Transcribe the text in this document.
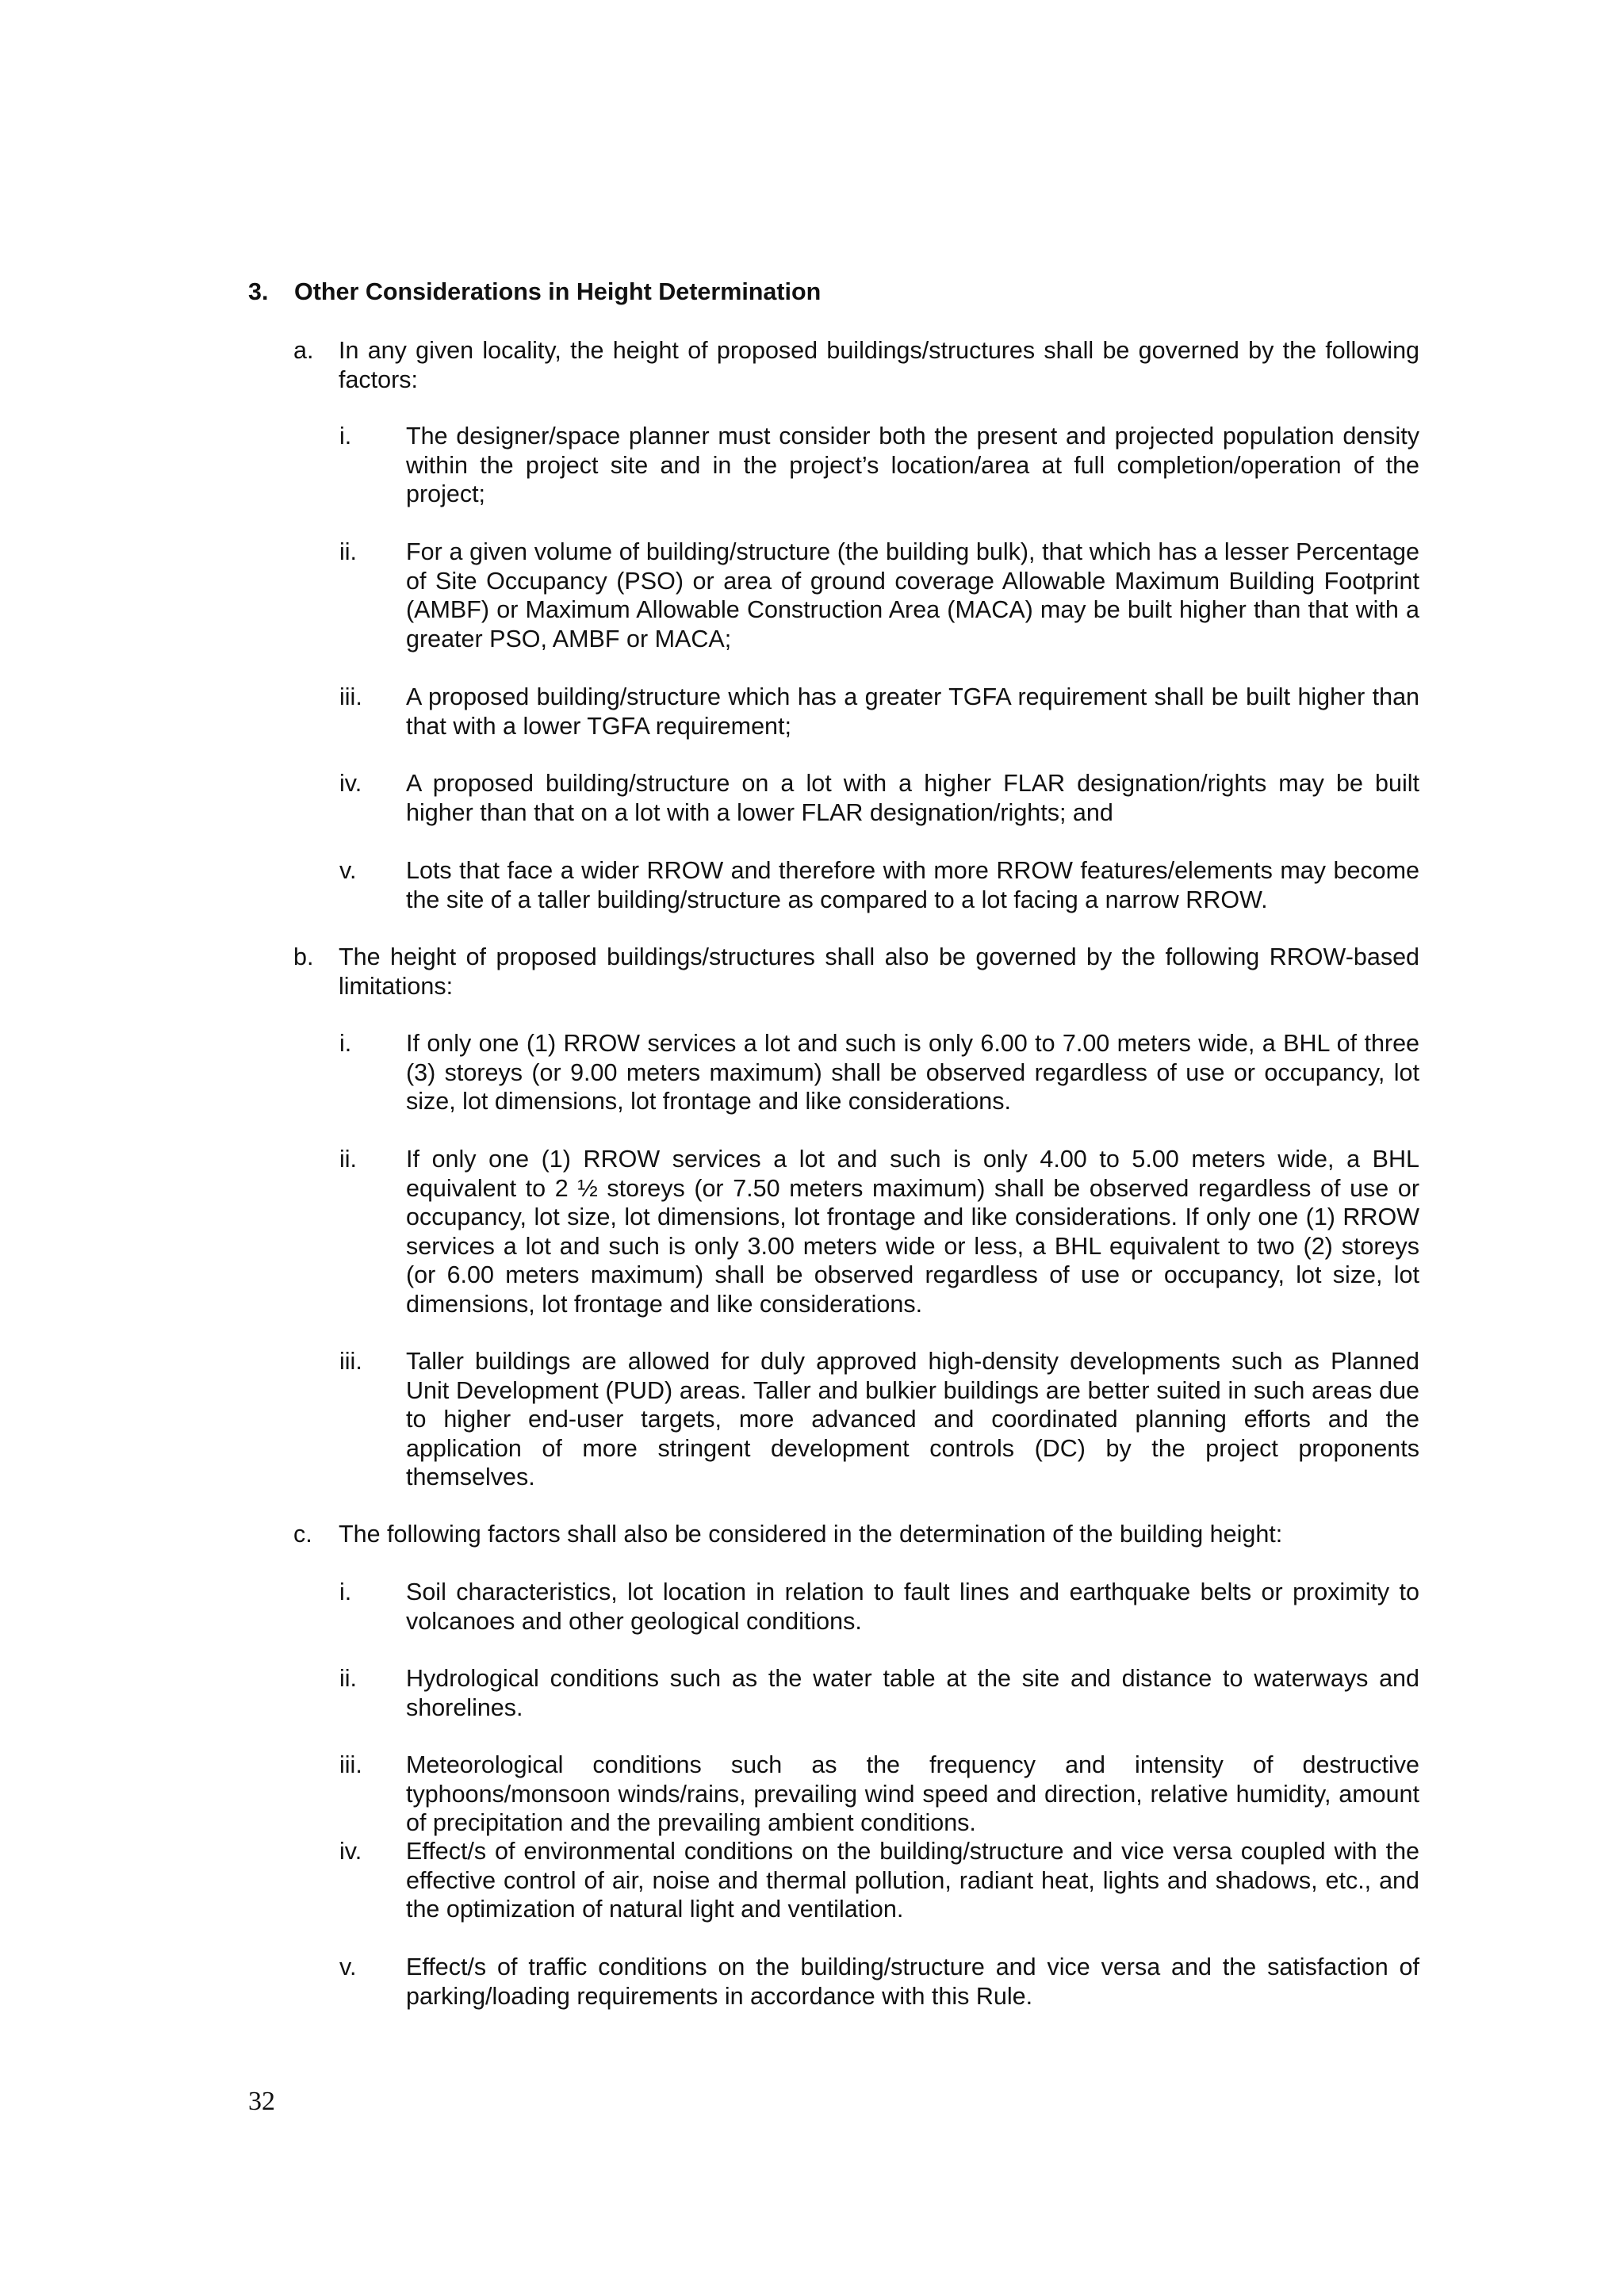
3. Other Considerations in Height Determination
a. In any given locality, the height of proposed buildings/structures shall be governed by the following factors:
i. The designer/space planner must consider both the present and projected population density within the project site and in the project’s location/area at full completion/operation of the project;
ii. For a given volume of building/structure (the building bulk), that which has a lesser Percentage of Site Occupancy (PSO) or area of ground coverage Allowable Maximum Building Footprint (AMBF) or Maximum Allowable Construction Area (MACA) may be built higher than that with a greater PSO, AMBF or MACA;
iii. A proposed building/structure which has a greater TGFA requirement shall be built higher than that with a lower TGFA requirement;
iv. A proposed building/structure on a lot with a higher FLAR designation/rights may be built higher than that on a lot with a lower FLAR designation/rights; and
v. Lots that face a wider RROW and therefore with more RROW features/elements may become the site of a taller building/structure as compared to a lot facing a narrow RROW.
b. The height of proposed buildings/structures shall also be governed by the following RROW-based limitations:
i. If only one (1) RROW services a lot and such is only 6.00 to 7.00 meters wide, a BHL of three (3) storeys (or 9.00 meters maximum) shall be observed regardless of use or occupancy, lot size, lot dimensions, lot frontage and like considerations.
ii. If only one (1) RROW services a lot and such is only 4.00 to 5.00 meters wide, a BHL equivalent to 2 ½ storeys (or 7.50 meters maximum) shall be observed regardless of use or occupancy, lot size, lot dimensions, lot frontage and like considerations. If only one (1) RROW services a lot and such is only 3.00 meters wide or less, a BHL equivalent to two (2) storeys (or 6.00 meters maximum) shall be observed regardless of use or occupancy, lot size, lot dimensions, lot frontage and like considerations.
iii. Taller buildings are allowed for duly approved high-density developments such as Planned Unit Development (PUD) areas. Taller and bulkier buildings are better suited in such areas due to higher end-user targets, more advanced and coordinated planning efforts and the application of more stringent development controls (DC) by the project proponents themselves.
c. The following factors shall also be considered in the determination of the building height:
i. Soil characteristics, lot location in relation to fault lines and earthquake belts or proximity to volcanoes and other geological conditions.
ii. Hydrological conditions such as the water table at the site and distance to waterways and shorelines.
iii. Meteorological conditions such as the frequency and intensity of destructive typhoons/monsoon winds/rains, prevailing wind speed and direction, relative humidity, amount of precipitation and the prevailing ambient conditions.
iv. Effect/s of environmental conditions on the building/structure and vice versa coupled with the effective control of air, noise and thermal pollution, radiant heat, lights and shadows, etc., and the optimization of natural light and ventilation.
v. Effect/s of traffic conditions on the building/structure and vice versa and the satisfaction of parking/loading requirements in accordance with this Rule.
32
